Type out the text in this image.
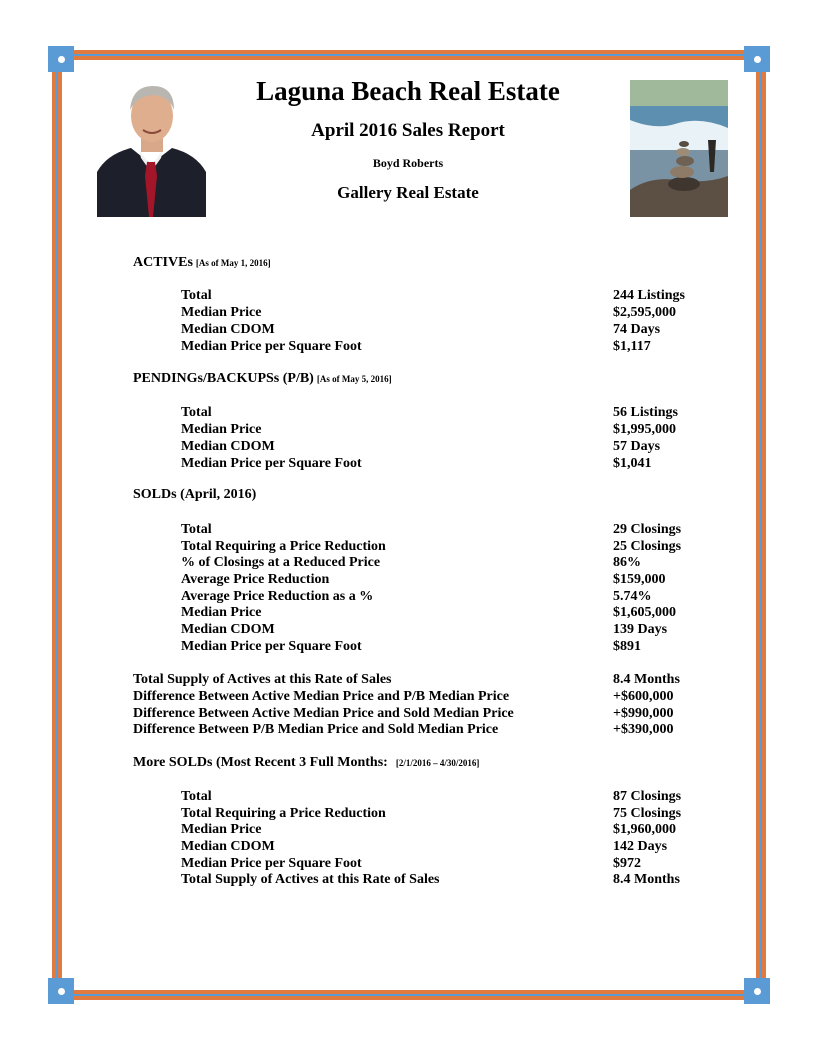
Laguna Beach Real Estate
April 2016 Sales Report
Boyd Roberts
Gallery Real Estate
ACTIVEs [As of May 1, 2016]
Total	244 Listings
Median Price	$2,595,000
Median CDOM	74 Days
Median Price per Square Foot	$1,117
PENDINGs/BACKUPSs (P/B) [As of May 5, 2016]
Total	56 Listings
Median Price	$1,995,000
Median CDOM	57 Days
Median Price per Square Foot	$1,041
SOLDs (April, 2016)
Total	29 Closings
Total Requiring a Price Reduction	25 Closings
% of Closings at a Reduced Price	86%
Average Price Reduction	$159,000
Average Price Reduction as a %	5.74%
Median Price	$1,605,000
Median CDOM	139 Days
Median Price per Square Foot	$891
Total Supply of Actives at this Rate of Sales	8.4 Months
Difference Between Active Median Price and P/B Median Price	+$600,000
Difference Between Active Median Price and Sold Median Price	+$990,000
Difference Between P/B Median Price and Sold Median Price	+$390,000
More SOLDs (Most Recent 3 Full Months: [2/1/2016 – 4/30/2016]
Total	87 Closings
Total Requiring a Price Reduction	75 Closings
Median Price	$1,960,000
Median CDOM	142 Days
Median Price per Square Foot	$972
Total Supply of Actives at this Rate of Sales	8.4 Months
